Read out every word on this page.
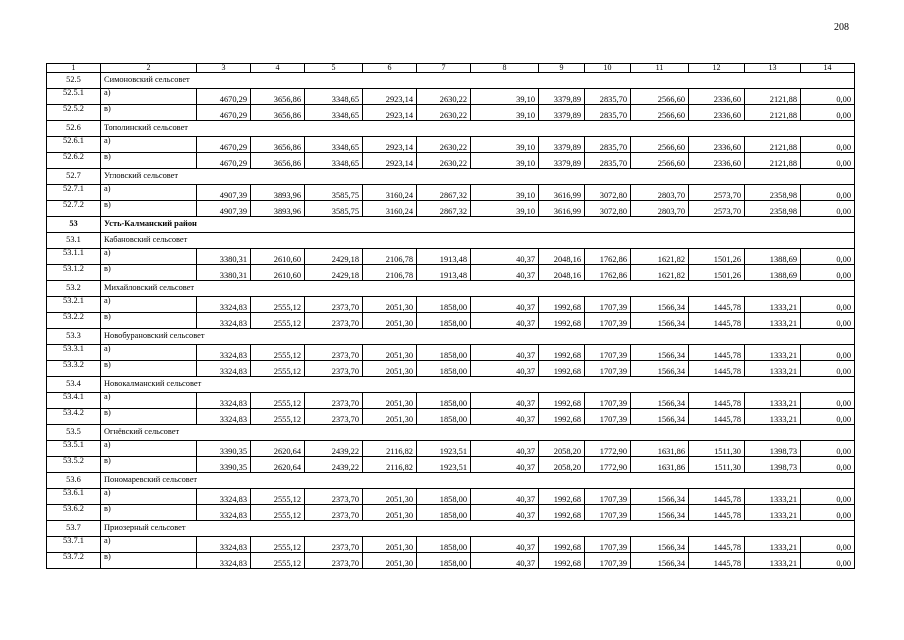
208
1	2	3	4	5	6	7	8	9	10	11	12	13	14
52.5	Симоновский сельсовет												
52.5.1	а)	4670,29	3656,86	3348,65	2923,14	2630,22	39,10	3379,89	2835,70	2566,60	2336,60	2121,88	0,00
52.5.2	в)	4670,29	3656,86	3348,65	2923,14	2630,22	39,10	3379,89	2835,70	2566,60	2336,60	2121,88	0,00
52.6	Тополинский сельсовет												
52.6.1	а)	4670,29	3656,86	3348,65	2923,14	2630,22	39,10	3379,89	2835,70	2566,60	2336,60	2121,88	0,00
52.6.2	в)	4670,29	3656,86	3348,65	2923,14	2630,22	39,10	3379,89	2835,70	2566,60	2336,60	2121,88	0,00
52.7	Угловский сельсовет												
52.7.1	а)	4907,39	3893,96	3585,75	3160,24	2867,32	39,10	3616,99	3072,80	2803,70	2573,70	2358,98	0,00
52.7.2	в)	4907,39	3893,96	3585,75	3160,24	2867,32	39,10	3616,99	3072,80	2803,70	2573,70	2358,98	0,00
53	Усть-Калманский район												
53.1	Кабановский сельсовет												
53.1.1	а)	3380,31	2610,60	2429,18	2106,78	1913,48	40,37	2048,16	1762,86	1621,82	1501,26	1388,69	0,00
53.1.2	в)	3380,31	2610,60	2429,18	2106,78	1913,48	40,37	2048,16	1762,86	1621,82	1501,26	1388,69	0,00
53.2	Михайловский сельсовет												
53.2.1	а)	3324,83	2555,12	2373,70	2051,30	1858,00	40,37	1992,68	1707,39	1566,34	1445,78	1333,21	0,00
53.2.2	в)	3324,83	2555,12	2373,70	2051,30	1858,00	40,37	1992,68	1707,39	1566,34	1445,78	1333,21	0,00
53.3	Новобурановский сельсовет												
53.3.1	а)	3324,83	2555,12	2373,70	2051,30	1858,00	40,37	1992,68	1707,39	1566,34	1445,78	1333,21	0,00
53.3.2	в)	3324,83	2555,12	2373,70	2051,30	1858,00	40,37	1992,68	1707,39	1566,34	1445,78	1333,21	0,00
53.4	Новокалманский сельсовет												
53.4.1	а)	3324,83	2555,12	2373,70	2051,30	1858,00	40,37	1992,68	1707,39	1566,34	1445,78	1333,21	0,00
53.4.2	в)	3324,83	2555,12	2373,70	2051,30	1858,00	40,37	1992,68	1707,39	1566,34	1445,78	1333,21	0,00
53.5	Огнёвский сельсовет												
53.5.1	а)	3390,35	2620,64	2439,22	2116,82	1923,51	40,37	2058,20	1772,90	1631,86	1511,30	1398,73	0,00
53.5.2	в)	3390,35	2620,64	2439,22	2116,82	1923,51	40,37	2058,20	1772,90	1631,86	1511,30	1398,73	0,00
53.6	Пономаревский сельсовет												
53.6.1	а)	3324,83	2555,12	2373,70	2051,30	1858,00	40,37	1992,68	1707,39	1566,34	1445,78	1333,21	0,00
53.6.2	в)	3324,83	2555,12	2373,70	2051,30	1858,00	40,37	1992,68	1707,39	1566,34	1445,78	1333,21	0,00
53.7	Приозерный сельсовет												
53.7.1	а)	3324,83	2555,12	2373,70	2051,30	1858,00	40,37	1992,68	1707,39	1566,34	1445,78	1333,21	0,00
53.7.2	в)	3324,83	2555,12	2373,70	2051,30	1858,00	40,37	1992,68	1707,39	1566,34	1445,78	1333,21	0,00
